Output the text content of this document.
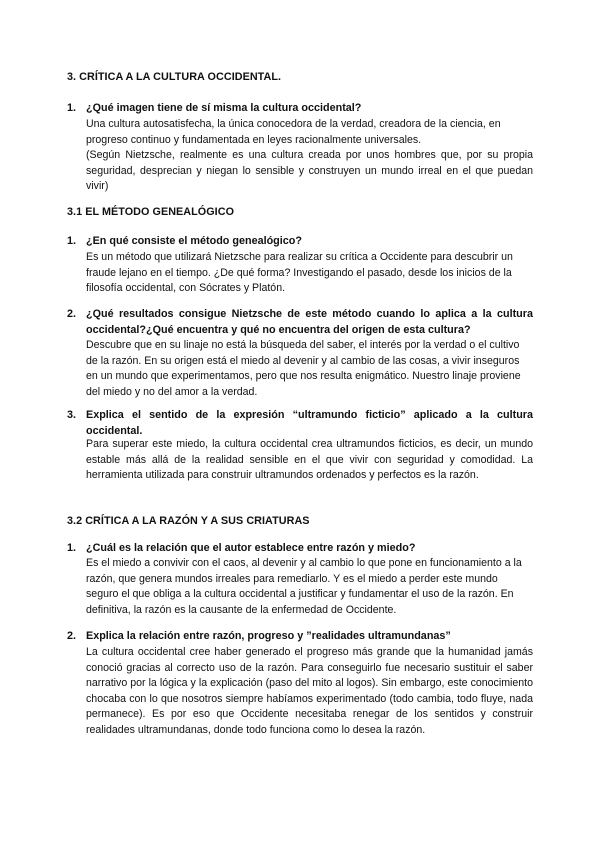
3. CRÍTICA A LA CULTURA OCCIDENTAL.
1. ¿Qué imagen tiene de sí misma la cultura occidental?

Una cultura autosatisfecha, la única conocedora de la verdad, creadora de la ciencia, en progreso continuo y fundamentada en leyes racionalmente universales.

(Según Nietzsche, realmente es una cultura creada por unos hombres que, por su propia seguridad, desprecian y niegan lo sensible y construyen un mundo irreal en el que puedan vivir)

3.1 EL MÉTODO GENEALÓGICO
1. ¿En qué consiste el método genealógico?

Es un método que utilizará Nietzsche para realizar su crítica a Occidente para descubrir un fraude lejano en el tiempo. ¿De qué forma? Investigando el pasado, desde los inicios de la filosofía occidental, con Sócrates y Platón.

2. ¿Qué resultados consigue Nietzsche de este método cuando lo aplica a la cultura occidental?¿Qué encuentra y qué no encuentra del origen de esta cultura?

Descubre que en su linaje no está la búsqueda del saber, el interés por la verdad o el cultivo de la razón. En su origen está el miedo al devenir y al cambio de las cosas, a vivir inseguros en un mundo que experimentamos, pero que nos resulta enigmático. Nuestro linaje proviene del miedo y no del amor a la verdad.

3. Explica el sentido de la expresión “ultramundo ficticio” aplicado a la cultura occidental.

Para superar este miedo, la cultura occidental crea ultramundos ficticios, es decir, un mundo estable más allá de la realidad sensible en el que vivir con seguridad y comodidad. La herramienta utilizada para construir ultramundos ordenados y perfectos es la razón.

3.2 CRÍTICA A LA RAZÓN Y A SUS CRIATURAS
1. ¿Cuál es la relación que el autor establece entre razón y miedo?

Es el miedo a convivir con el caos, al devenir y al cambio lo que pone en funcionamiento a la razón, que genera mundos irreales para remediarlo. Y es el miedo a perder este mundo seguro el que obliga a la cultura occidental a justificar y fundamentar el uso de la razón. En definitiva, la razón es la causante de la enfermedad de Occidente.

2. Explica la relación entre razón, progreso y ”realidades ultramundanas”

La cultura occidental cree haber generado el progreso más grande que la humanidad jamás conoció gracias al correcto uso de la razón. Para conseguirlo fue necesario sustituir el saber narrativo por la lógica y la explicación (paso del mito al logos). Sin embargo, este conocimiento chocaba con lo que nosotros siempre habíamos experimentado (todo cambia, todo fluye, nada permanece). Es por eso que Occidente necesitaba renegar de los sentidos y construir realidades ultramundanas, donde todo funciona como lo desea la razón.
